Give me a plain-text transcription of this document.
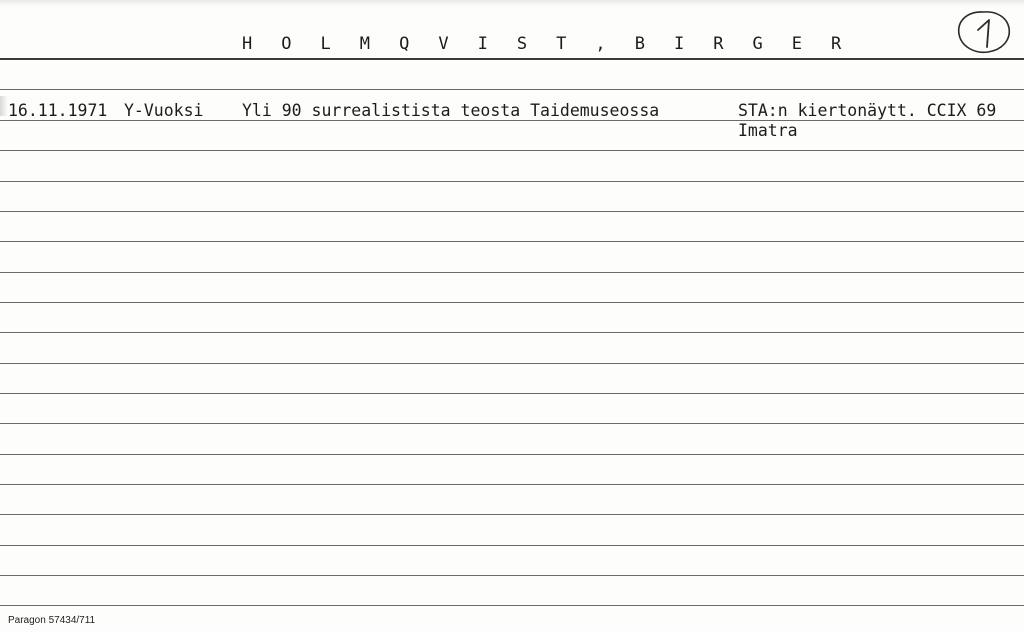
H O L M Q V I S T , B I R G E R
16.11.1971 Y-Vuoksi Yli 90 surrealistista teosta Taidemuseossa	STA:n kiertonäytt. CCIX 69
Imatra
Paragon 57434/711
